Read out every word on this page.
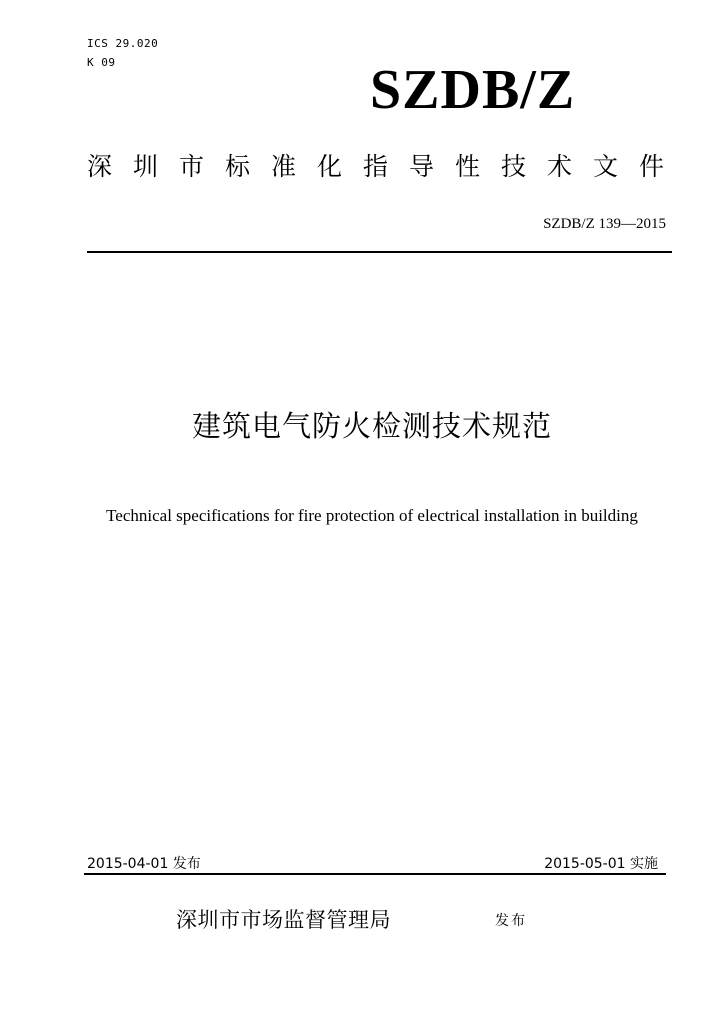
ICS 29.020
K 09	SZDB/Z
深圳市标准化指导性技术文件
SZDB/Z 139—2015
建筑电气防火检测技术规范
Technical specifications for fire protection of electrical installation in building
2015-04-01 发布	2015-05-01 实施
深圳市市场监督管理局	发布
